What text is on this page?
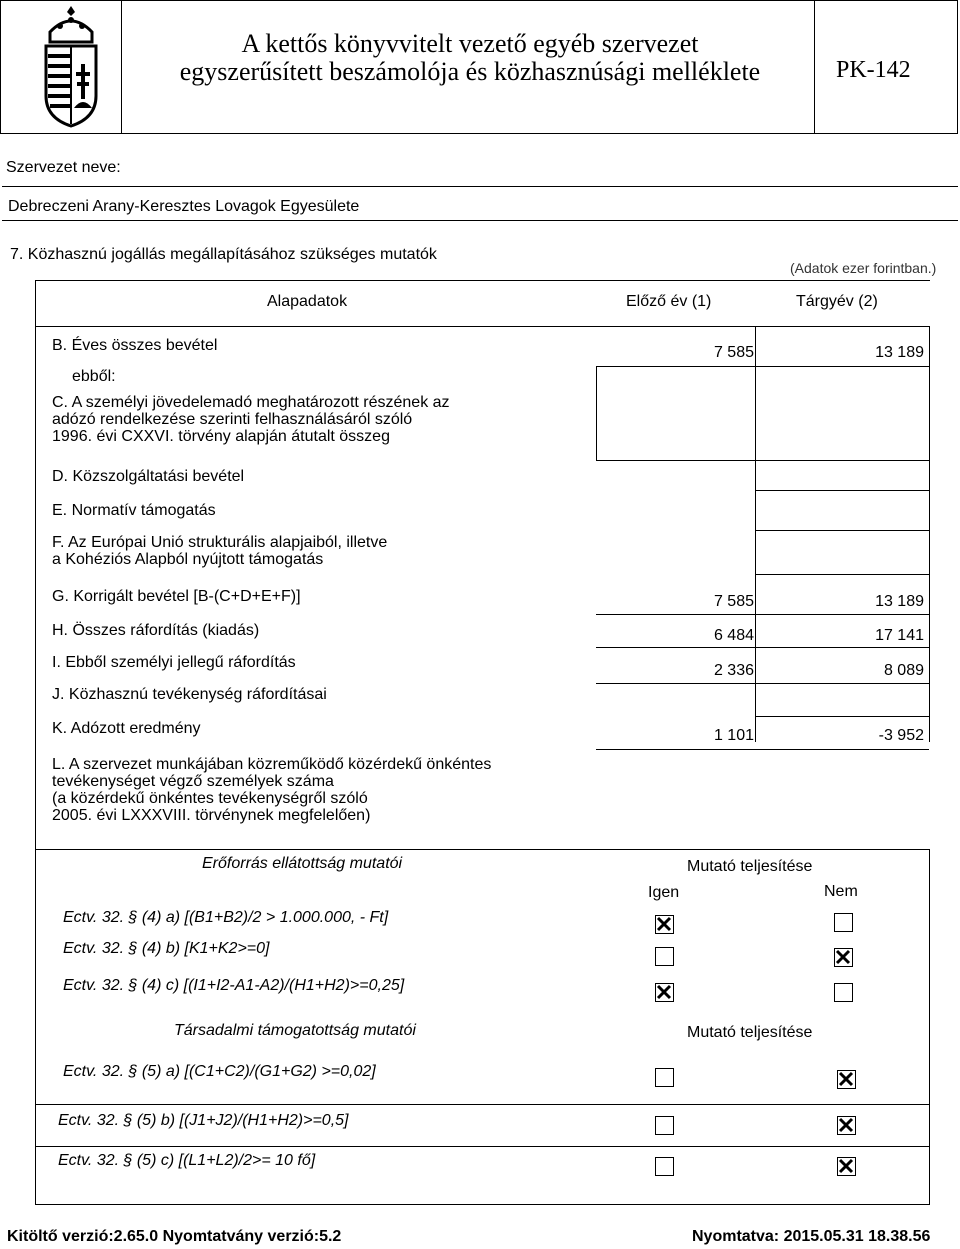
A kettős könyvvitelt vezető egyéb szervezet
egyszerűsített beszámolója és közhasznúsági melléklete	PK-142
Szervezet neve:
Debreczeni Arany-Keresztes Lovagok Egyesülete
7. Közhasznú jogállás megállapításához szükséges mutatók
(Adatok ezer forintban.)
Alapadatok	Előző év (1)	Tárgyév (2)
B. Éves összes bevétel	7 585	13 189
ebből:
C. A személyi jövedelemadó meghatározott részének az
adózó rendelkezése szerinti felhasználásáról szóló
1996. évi CXXVI. törvény alapján átutalt összeg
D. Közszolgáltatási bevétel
E. Normatív támogatás
F. Az Európai Unió strukturális alapjaiból, illetve
a Kohéziós Alapból nyújtott támogatás
G. Korrigált bevétel [B-(C+D+E+F)]	7 585	13 189
H. Összes ráfordítás (kiadás)	6 484	17 141
I. Ebből személyi jellegű ráfordítás	2 336	8 089
J. Közhasznú tevékenység ráfordításai
K. Adózott eredmény	1 101	-3 952
L. A szervezet munkájában közreműködő közérdekű önkéntes
tevékenységet végző személyek száma
(a közérdekű önkéntes tevékenységről szóló
2005. évi LXXXVIII. törvénynek megfelelően)
Erőforrás ellátottság mutatói	Mutató teljesítése
Igen	Nem
Ectv. 32. § (4) a) [(B1+B2)/2 > 1.000.000, - Ft]
Ectv. 32. § (4) b) [K1+K2>=0]
Ectv. 32. § (4) c) [(I1+I2-A1-A2)/(H1+H2)>=0,25]
Társadalmi támogatottság mutatói	Mutató teljesítése
Ectv. 32. § (5) a) [(C1+C2)/(G1+G2) >=0,02]
Ectv. 32. § (5) b) [(J1+J2)/(H1+H2)>=0,5]
Ectv. 32. § (5) c) [(L1+L2)/2>= 10 fő]
Kitöltő verzió:2.65.0 Nyomtatvány verzió:5.2	Nyomtatva: 2015.05.31 18.38.56
